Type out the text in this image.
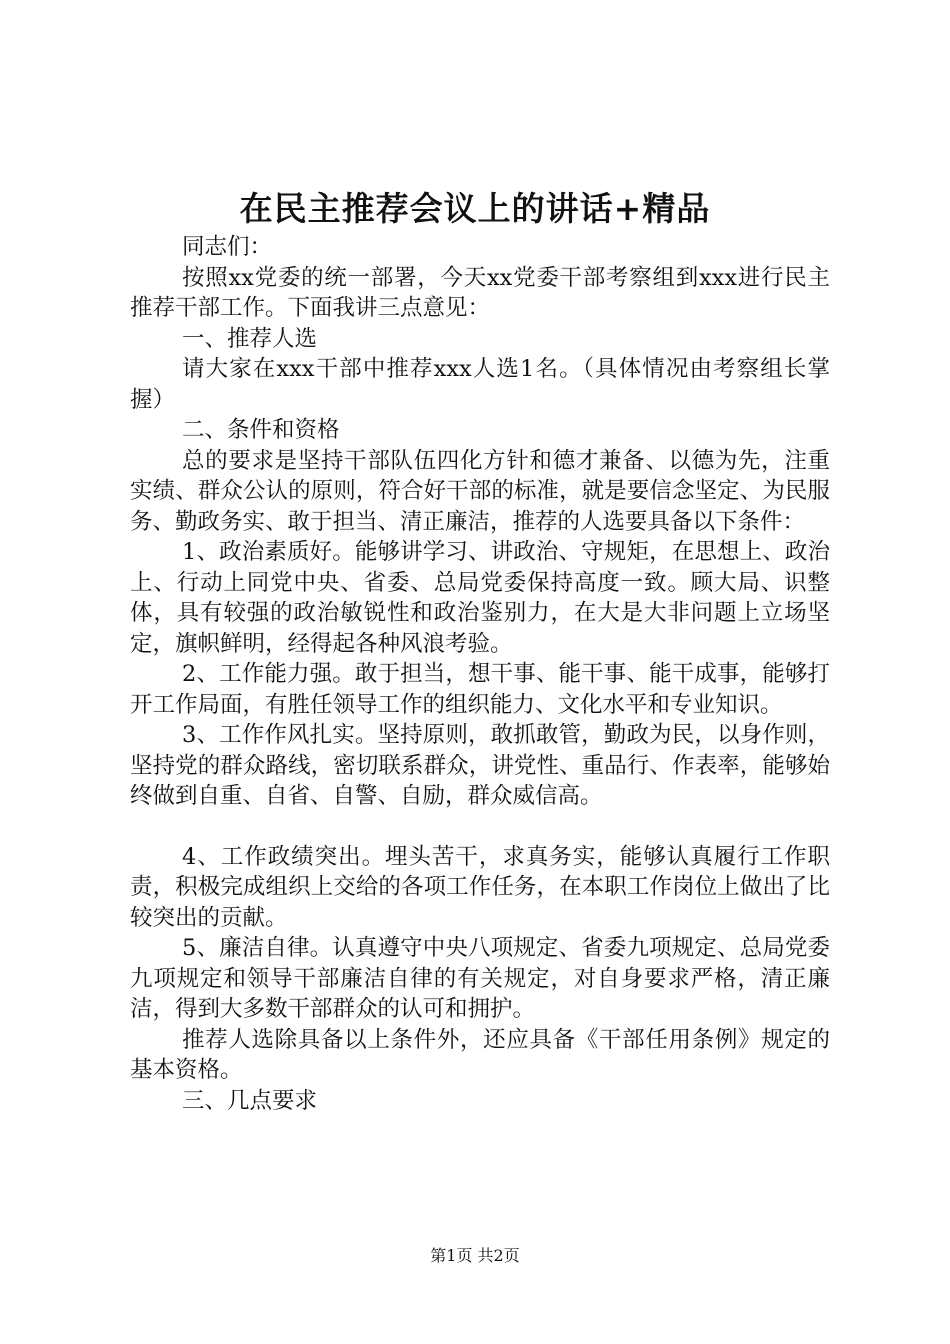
在民主推荐会议上的讲话+精品

同志们：

按照xx党委的统一部署，今天xx党委干部考察组到xxx进行民主推荐干部工作。下面我讲三点意见：

一、推荐人选

请大家在xxx干部中推荐xxx人选1名。（具体情况由考察组长掌握）

二、条件和资格

总的要求是坚持干部队伍四化方针和德才兼备、以德为先，注重实绩、群众公认的原则，符合好干部的标准，就是要信念坚定、为民服务、勤政务实、敢于担当、清正廉洁，推荐的人选要具备以下条件：

1、政治素质好。能够讲学习、讲政治、守规矩，在思想上、政治上、行动上同党中央、省委、总局党委保持高度一致。顾大局、识整体，具有较强的政治敏锐性和政治鉴别力，在大是大非问题上立场坚定，旗帜鲜明，经得起各种风浪考验。

2、工作能力强。敢于担当，想干事、能干事、能干成事，能够打开工作局面，有胜任领导工作的组织能力、文化水平和专业知识。

3、工作作风扎实。坚持原则，敢抓敢管，勤政为民，以身作则，坚持党的群众路线，密切联系群众，讲党性、重品行、作表率，能够始终做到自重、自省、自警、自励，群众威信高。

4、工作政绩突出。埋头苦干，求真务实，能够认真履行工作职责，积极完成组织上交给的各项工作任务，在本职工作岗位上做出了比较突出的贡献。

5、廉洁自律。认真遵守中央八项规定、省委九项规定、总局党委九项规定和领导干部廉洁自律的有关规定，对自身要求严格，清正廉洁，得到大多数干部群众的认可和拥护。

推荐人选除具备以上条件外，还应具备《干部任用条例》规定的基本资格。

三、几点要求

第1页 共2页
